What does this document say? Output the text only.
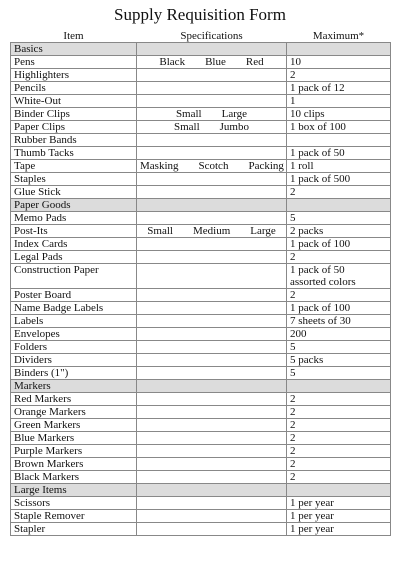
Supply Requisition Form
Item	Specifications	Maximum*
Basics		
Pens	Black Blue Red	10

Highlighters		2

Pencils		1 pack of 12

White-Out		1

Binder Clips	Small Large	10 clips

Paper Clips	Small Jumbo	1 box of 100

Rubber Bands		

Thumb Tacks		1 pack of 50

Tape	Masking Scotch Packing	1 roll

Staples		1 pack of 500

Glue Stick		2

Paper Goods		
Memo Pads		5

Post-Its	Small Medium Large	2 packs

Index Cards		1 pack of 100

Legal Pads		2

Construction Paper		1 pack of 50
assorted colors

Poster Board		2

Name Badge Labels		1 pack of 100

Labels		7 sheets of 30

Envelopes		200

Folders		5

Dividers		5 packs

Binders (1")		5

Markers		
Red Markers		2

Orange Markers		2

Green Markers		2

Blue Markers		2

Purple Markers		2

Brown Markers		2

Black Markers		2

Large Items		
Scissors		1 per year

Staple Remover		1 per year

Stapler		1 per year
